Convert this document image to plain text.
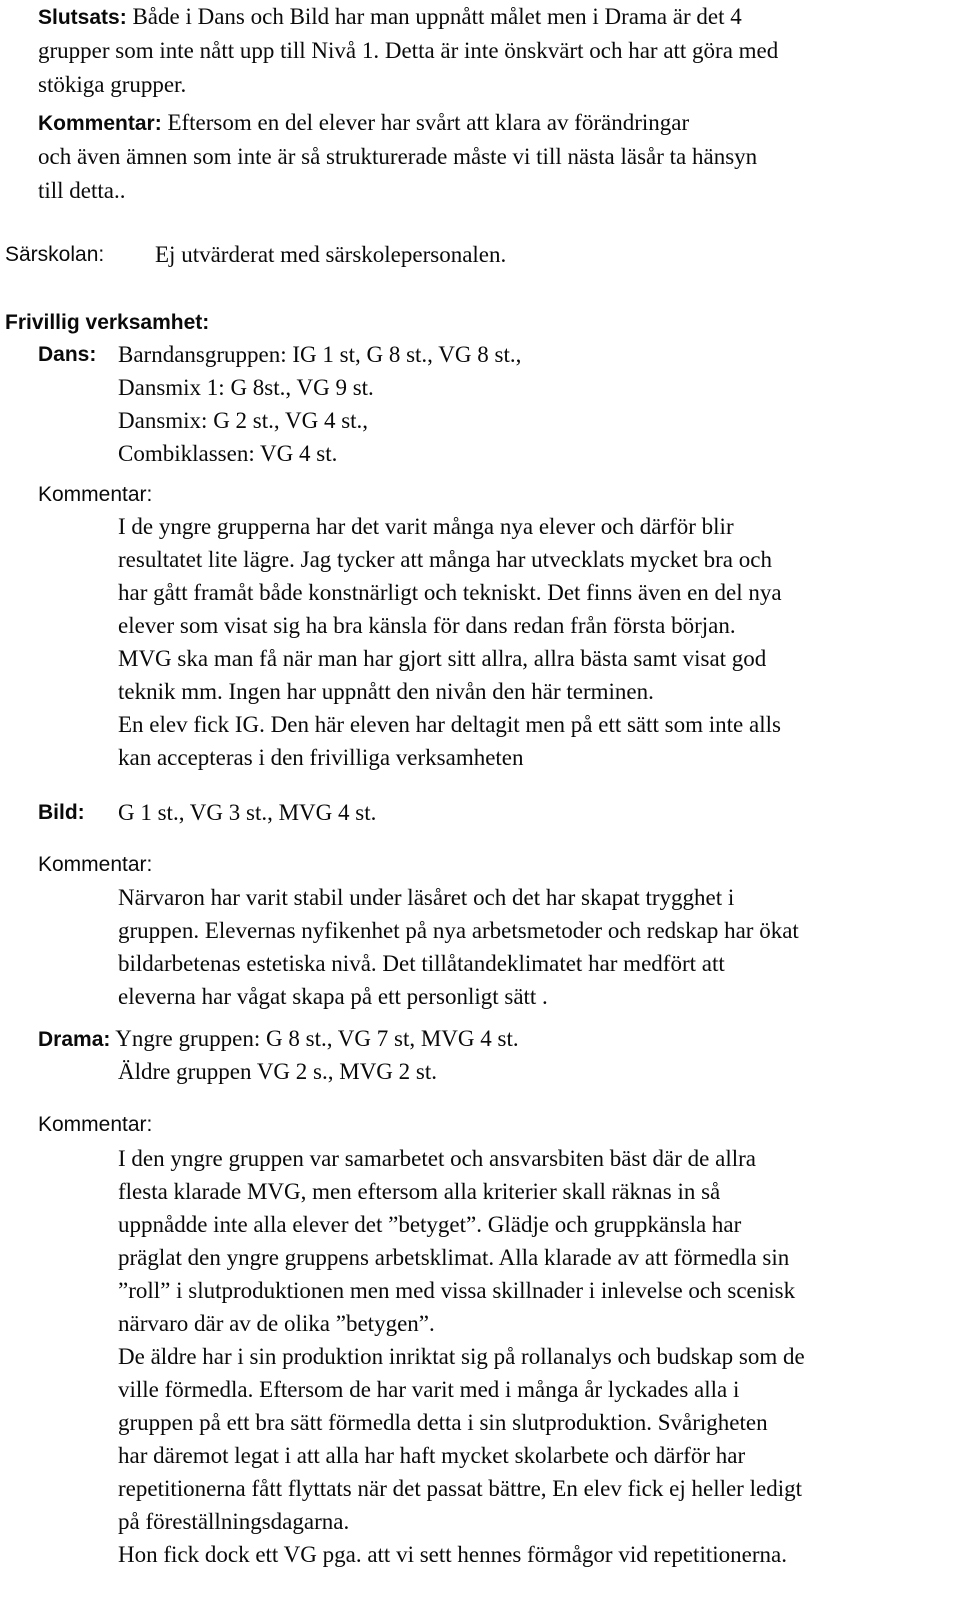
Slutsats: Både i Dans och Bild har man uppnått målet men i Drama är det 4
grupper som inte nått upp till Nivå 1. Detta är inte önskvärt och har att göra med
stökiga grupper.
Kommentar: Eftersom en del elever har svårt att klara av förändringar
och även ämnen som inte är så strukturerade måste vi till nästa läsår ta hänsyn
till detta..
Särskolan: Ej utvärderat med särskolepersonalen.
Frivillig verksamhet:
Dans: Barndansgruppen: IG 1 st, G 8 st., VG 8 st.,
Dansmix 1: G 8st., VG 9 st.
Dansmix: G 2 st., VG 4 st.,
Combiklassen: VG 4 st.
Kommentar:
I de yngre grupperna har det varit många nya elever och därför blir
resultatet lite lägre. Jag tycker att många har utvecklats mycket bra och
har gått framåt både konstnärligt och tekniskt. Det finns även en del nya
elever som visat sig ha bra känsla för dans redan från första början.
MVG ska man få när man har gjort sitt allra, allra bästa samt visat god
teknik mm. Ingen har uppnått den nivån den här terminen.
En elev fick IG. Den här eleven har deltagit men på ett sätt som inte alls
kan accepteras i den frivilliga verksamheten
Bild: G 1 st., VG 3 st., MVG 4 st.
Kommentar:
Närvaron har varit stabil under läsåret och det har skapat trygghet i
gruppen. Elevernas nyfikenhet på nya arbetsmetoder och redskap har ökat
bildarbetenas estetiska nivå. Det tillåtandeklimatet har medfört att
eleverna har vågat skapa på ett personligt sätt .
Drama: Yngre gruppen: G 8 st., VG 7 st, MVG 4 st.
Äldre gruppen VG 2 s., MVG 2 st.
Kommentar:
I den yngre gruppen var samarbetet och ansvarsbiten bäst där de allra
flesta klarade MVG, men eftersom alla kriterier skall räknas in så
uppnådde inte alla elever det ”betyget”. Glädje och gruppkänsla har
präglat den yngre gruppens arbetsklimat. Alla klarade av att förmedla sin
”roll” i slutproduktionen men med vissa skillnader i inlevelse och scenisk
närvaro där av de olika ”betygen”.
De äldre har i sin produktion inriktat sig på rollanalys och budskap som de
ville förmedla. Eftersom de har varit med i många år lyckades alla i
gruppen på ett bra sätt förmedla detta i sin slutproduktion. Svårigheten
har däremot legat i att alla har haft mycket skolarbete och därför har
repetitionerna fått flyttats när det passat bättre, En elev fick ej heller ledigt
på föreställningsdagarna.
Hon fick dock ett VG pga. att vi sett hennes förmågor vid repetitionerna.
